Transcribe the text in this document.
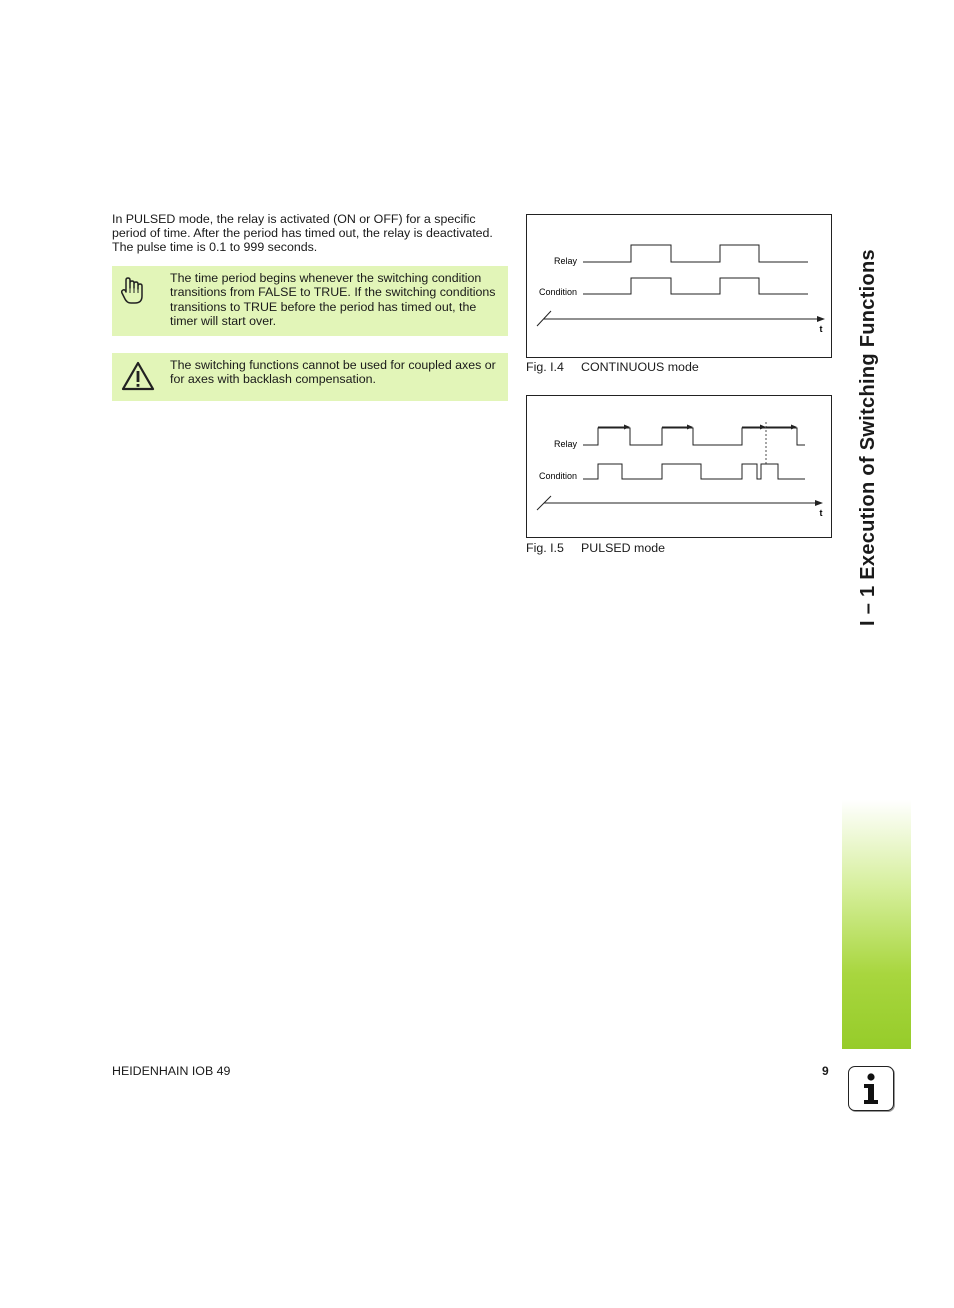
In PULSED mode, the relay is activated (ON or OFF) for a specific period of time. After the period has timed out, the relay is deactivated. The pulse time is 0.1 to 999 seconds.
The time period begins whenever the switching condition transitions from FALSE to TRUE. If the switching conditions transitions to TRUE before the period has timed out, the timer will start over.
The switching functions cannot be used for coupled axes or for axes with backlash compensation.
Relay
Condition
t
Fig. I.4 CONTINUOUS mode
Relay
Condition
t
Fig. I.5 PULSED mode	I – 1 Execution of Switching Functions
HEIDENHAIN IOB 49	9
